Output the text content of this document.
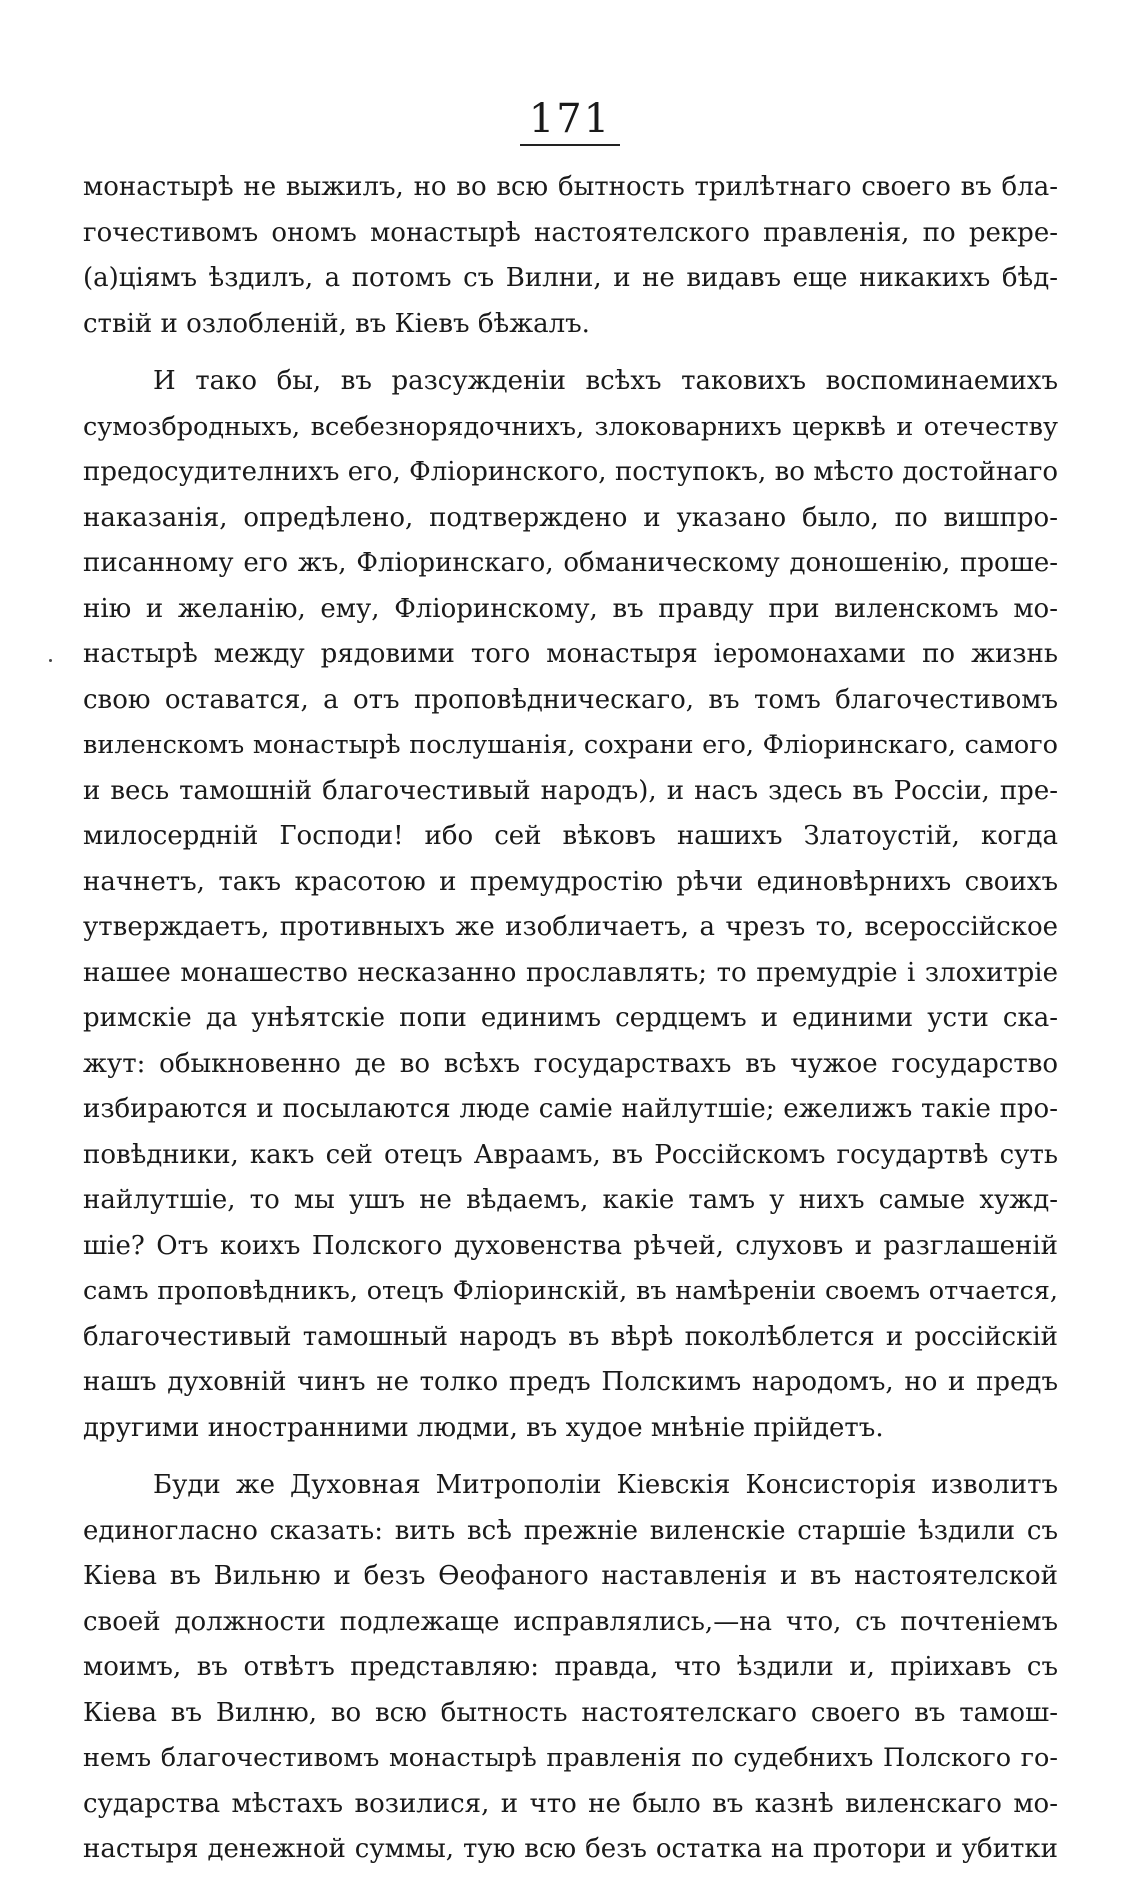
171
монастырѣ не выжилъ, но во всю бытность трилѣтнаго своего въ бла-
гочестивомъ ономъ монастырѣ настоятелского правленія, по рекре-
(а)ціямъ ѣздилъ, а потомъ съ Вилни, и не видавъ еще никакихъ бѣд-
ствій и озлобленій, въ Кіевъ бѣжалъ.
И тако бы, въ разсужденіи всѣхъ таковихъ воспоминаемихъ
сумозбродныхъ, всебезнорядочнихъ, злоковарнихъ церквѣ и отечеству
предосудителнихъ его, Фліоринского, поступокъ, во мѣсто достойнаго
наказанія, опредѣлено, подтверждено и указано было, по вишпро-
писанному его жъ, Фліоринскаго, обманическому доношенію, проше-
нію и желанію, ему, Фліоринскому, въ правду при виленскомъ мо-
настырѣ между рядовими того монастыря іеромонахами по жизнь
свою оставатся, а отъ проповѣдническаго, въ томъ благочестивомъ
виленскомъ монастырѣ послушанія, сохрани его, Фліоринскаго, самого
и весь тамошній благочестивый народъ), и насъ здесь въ Россіи, пре-
милосердній Господи! ибо сей вѣковъ нашихъ Златоустій, когда
начнетъ, такъ красотою и премудростію рѣчи единовѣрнихъ своихъ
утверждаетъ, противныхъ же изобличаетъ, а чрезъ то, всероссійское
нашее монашество несказанно прославлять; то премудріе і злохитріе
римскіе да унѣятскіе попи единимъ сердцемъ и единими усти ска-
жут: обыкновенно де во всѣхъ государствахъ въ чужое государство
избираются и посылаются люде саміе найлутшіе; ежелижъ такіе про-
повѣдники, какъ сей отецъ Авраамъ, въ Россійскомъ государтвѣ суть
найлутшіе, то мы ушъ не вѣдаемъ, какіе тамъ у нихъ самые хужд-
шіе? Отъ коихъ Полского духовенства рѣчей, слуховъ и разглашеній
самъ проповѣдникъ, отецъ Фліоринскій, въ намѣреніи своемъ отчается,
благочестивый тамошный народъ въ вѣрѣ поколѣблется и россійскій
нашъ духовній чинъ не толко предъ Полскимъ народомъ, но и предъ
другими иностранними людми, въ худое мнѣніе прійдетъ.
Буди же Духовная Митрополіи Кіевскія Консисторія изволитъ
единогласно сказать: вить всѣ прежніе виленскіе старшіе ѣздили съ
Кіева въ Вильню и безъ Ѳеофаного наставленія и въ настоятелской
своей должности подлежаще исправлялись,—на что, съ почтеніемъ
моимъ, въ отвѣтъ представляю: правда, что ѣздили и, пріихавъ съ
Кіева въ Вилню, во всю бытность настоятелскаго своего въ тамош-
немъ благочестивомъ монастырѣ правленія по судебнихъ Полского го-
сударства мѣстахъ возилися, и что не было въ казнѣ виленскаго мо-
настыря денежной суммы, тую всю безъ остатка на протори и убитки
